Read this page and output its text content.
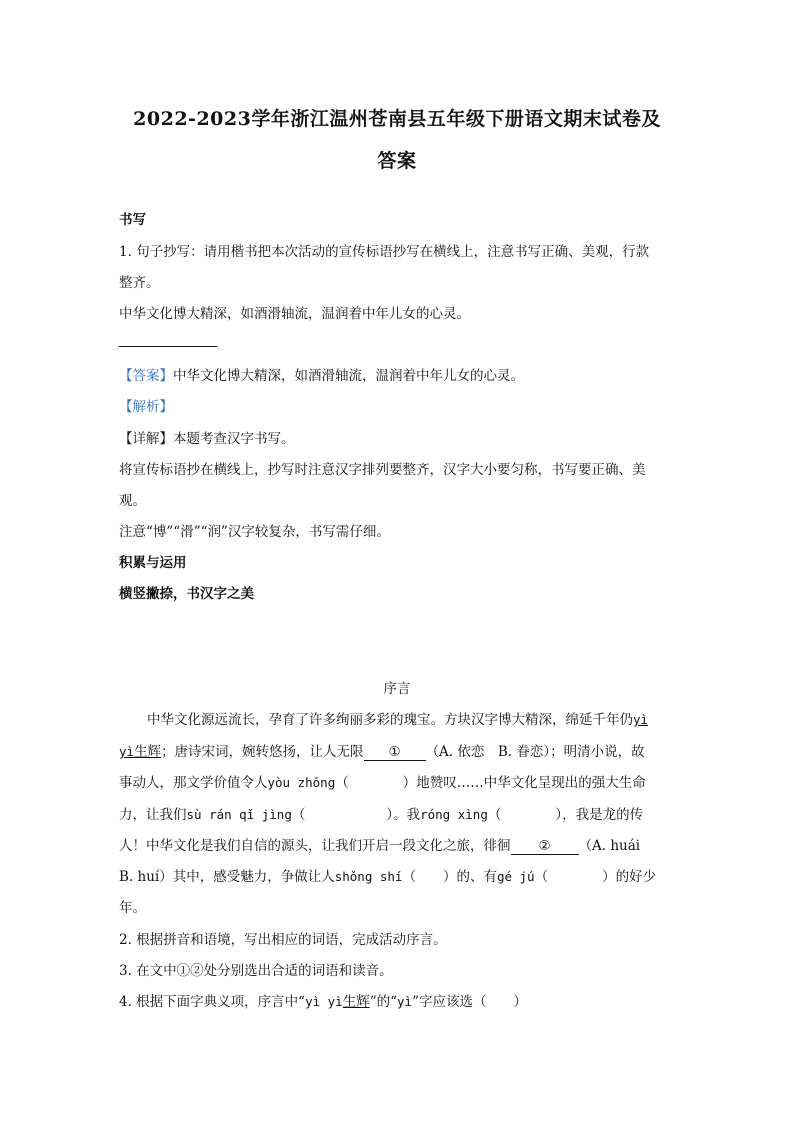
2022-2023学年浙江温州苍南县五年级下册语文期末试卷及
答案
书写
1. 句子抄写：请用楷书把本次活动的宣传标语抄写在横线上，注意书写正确、美观，行款
整齐。
中华文化博大精深，如酒滑轴流，温润着中年儿女的心灵。
【答案】中华文化博大精深，如酒滑轴流，温润着中年儿女的心灵。
【解析】
【详解】本题考查汉字书写。
将宣传标语抄在横线上，抄写时注意汉字排列要整齐，汉字大小要匀称，书写要正确、美
观。
注意“博”“滑”“润”汉字较复杂，书写需仔细。
积累与运用
横竖撇捺，书汉字之美
序言
中华文化源远流长，孕育了许多绚丽多彩的瑰宝。方块汉字博大精深，绵延千年仍yì
yì生辉；唐诗宋词，婉转悠扬，让人无限 ① （A. 依恋　B. 眷恋）；明清小说，故
事动人，那文学价值令人yòu zhōng（　　　　）地赞叹……中华文化呈现出的强大生命
力，让我们sù rán qǐ jìng（　　　　　　）。我róng xìng（　　　　），我是龙的传
人！中华文化是我们自信的源头，让我们开启一段文化之旅，徘徊 ② （A. huái
B. huí）其中，感受魅力，争做让人shǒng shí（　　）的、有gé jú（　　　　）的好少
年。
2. 根据拼音和语境，写出相应的词语，完成活动序言。
3. 在文中①②处分别选出合适的词语和读音。
4. 根据下面字典义项，序言中“yì yì生辉”的“yì”字应该选（　　）
